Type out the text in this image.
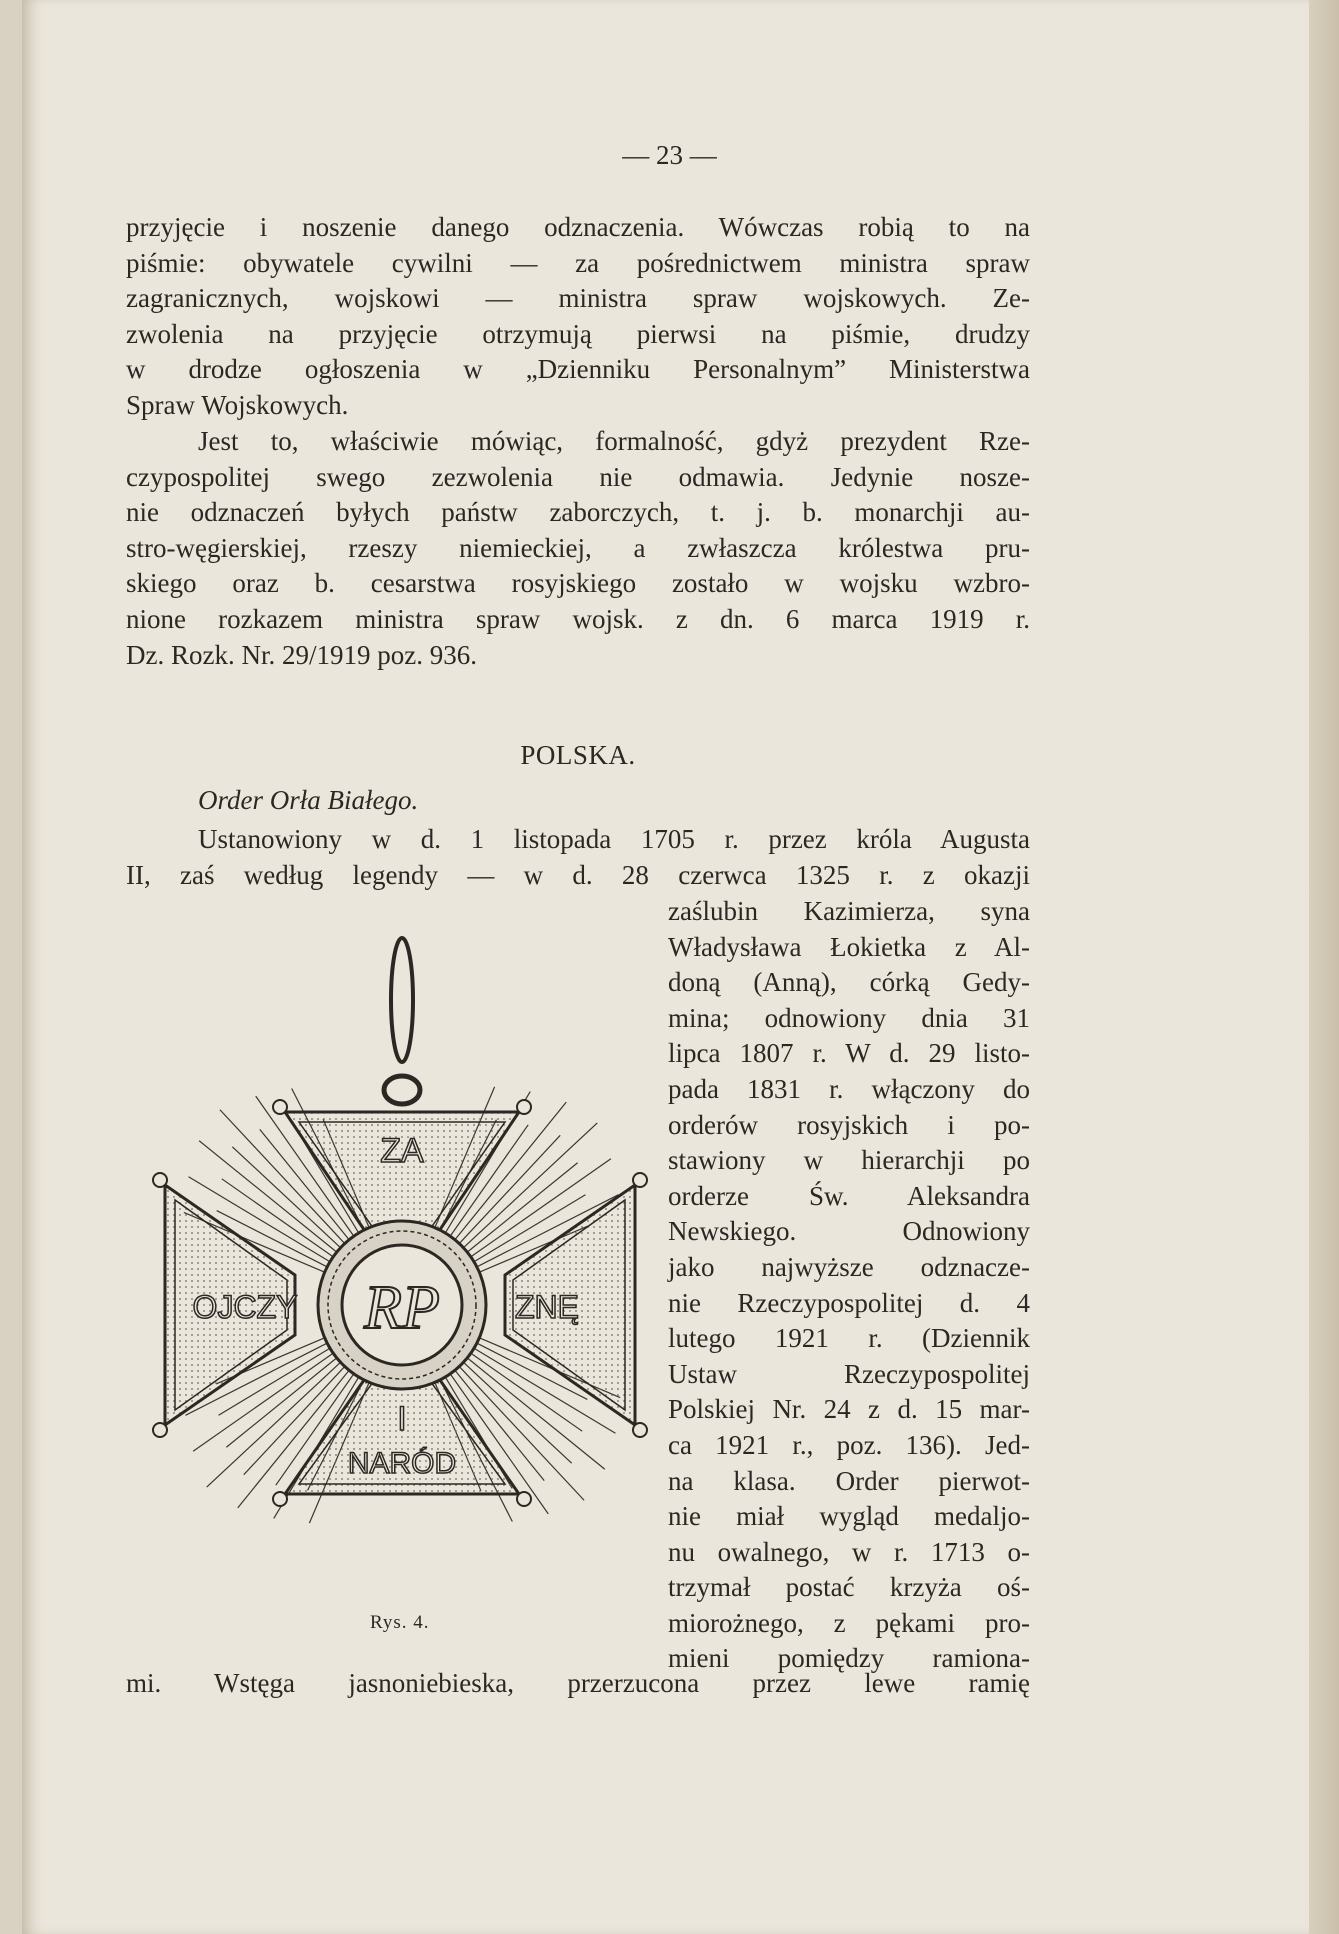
— 23 —
przyjęcie i noszenie danego odznaczenia. Wówczas robią to na
piśmie: obywatele cywilni — za pośrednictwem ministra spraw
zagranicznych, wojskowi — ministra spraw wojskowych. Ze-
zwolenia na przyjęcie otrzymują pierwsi na piśmie, drudzy
w drodze ogłoszenia w „Dzienniku Personalnym” Ministerstwa
Spraw Wojskowych.
Jest to, właściwie mówiąc, formalność, gdyż prezydent Rze-
czypospolitej swego zezwolenia nie odmawia. Jedynie nosze-
nie odznaczeń byłych państw zaborczych, t. j. b. monarchji au-
stro-węgierskiej, rzeszy niemieckiej, a zwłaszcza królestwa pru-
skiego oraz b. cesarstwa rosyjskiego zostało w wojsku wzbro-
nione rozkazem ministra spraw wojsk. z dn. 6 marca 1919 r.
Dz. Rozk. Nr. 29/1919 poz. 936.
POLSKA.
Order Orła Białego.
Ustanowiony w d. 1 listopada 1705 r. przez króla Augusta
II, zaś według legendy — w d. 28 czerwca 1325 r. z okazji
zaślubin Kazimierza, syna
Władysława Łokietka z Al-
doną (Anną), córką Gedy-
mina; odnowiony dnia 31
lipca 1807 r. W d. 29 listo-
pada 1831 r. włączony do
orderów rosyjskich i po-
stawiony w hierarchji po
orderze Św. Aleksandra
Newskiego. Odnowiony
jako najwyższe odznacze-
nie Rzeczypospolitej d. 4
lutego 1921 r. (Dziennik
Ustaw Rzeczypospolitej
Polskiej Nr. 24 z d. 15 mar-
ca 1921 r., poz. 136). Jed-
na klasa. Order pierwot-
nie miał wygląd medaljo-
nu owalnego, w r. 1713 o-
trzymał postać krzyża oś-
miorożnego, z pękami pro-
mieni pomiędzy ramiona-
RP
ZA
OJCZY	ZNĘ
I
NARÓD
Rys. 4.
mi. Wstęga jasnoniebieska, przerzucona przez lewe ramię
